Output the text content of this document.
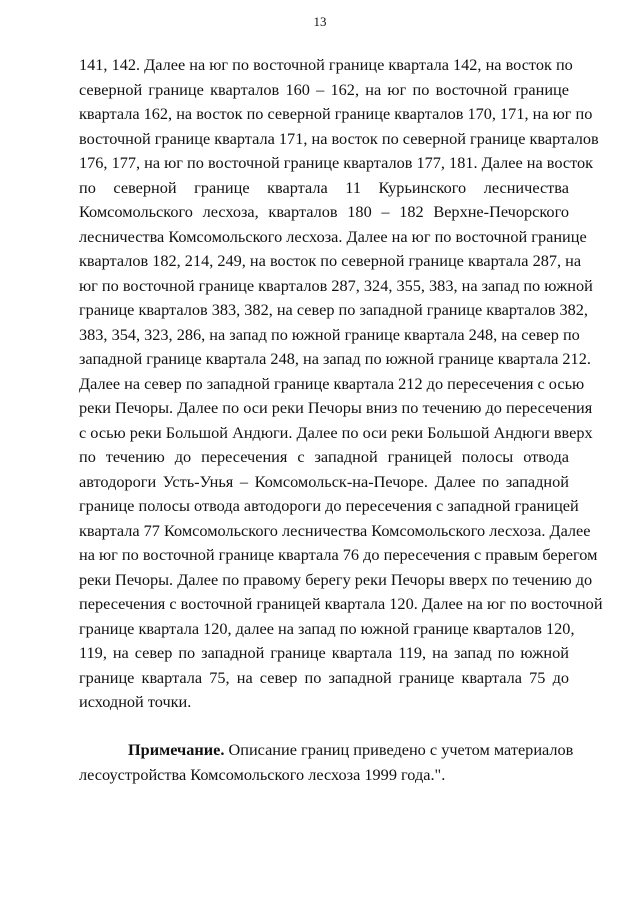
13
141, 142. Далее на юг по восточной границе квартала 142, на восток по
северной границе кварталов 160 – 162, на юг по восточной границе
квартала 162, на восток по северной границе кварталов 170, 171, на юг по
восточной границе квартала 171, на восток по северной границе кварталов
176, 177, на юг по восточной границе кварталов 177, 181. Далее на восток
по северной границе квартала 11 Курьинского лесничества
Комсомольского лесхоза, кварталов 180 – 182 Верхне-Печорского
лесничества Комсомольского лесхоза. Далее на юг по восточной границе
кварталов 182, 214, 249, на восток по северной границе квартала 287, на
юг по восточной границе кварталов 287, 324, 355, 383, на запад по южной
границе кварталов 383, 382, на север по западной границе кварталов 382,
383, 354, 323, 286, на запад по южной границе квартала 248, на север по
западной границе квартала 248, на запад по южной границе квартала 212.
Далее на север по западной границе квартала 212 до пересечения с осью
реки Печоры. Далее по оси реки Печоры вниз по течению до пересечения
с осью реки Большой Андюги. Далее по оси реки Большой Андюги вверх
по течению до пересечения с западной границей полосы отвода
автодороги Усть-Унья – Комсомольск-на-Печоре. Далее по западной
границе полосы отвода автодороги до пересечения с западной границей
квартала 77 Комсомольского лесничества Комсомольского лесхоза. Далее
на юг по восточной границе квартала 76 до пересечения с правым берегом
реки Печоры. Далее по правому берегу реки Печоры вверх по течению до
пересечения с восточной границей квартала 120. Далее на юг по восточной
границе квартала 120, далее на запад по южной границе кварталов 120,
119, на север по западной границе квартала 119, на запад по южной
границе квартала 75, на север по западной границе квартала 75 до
исходной точки.
Примечание. Описание границ приведено с учетом материалов
лесоустройства Комсомольского лесхоза 1999 года.".
